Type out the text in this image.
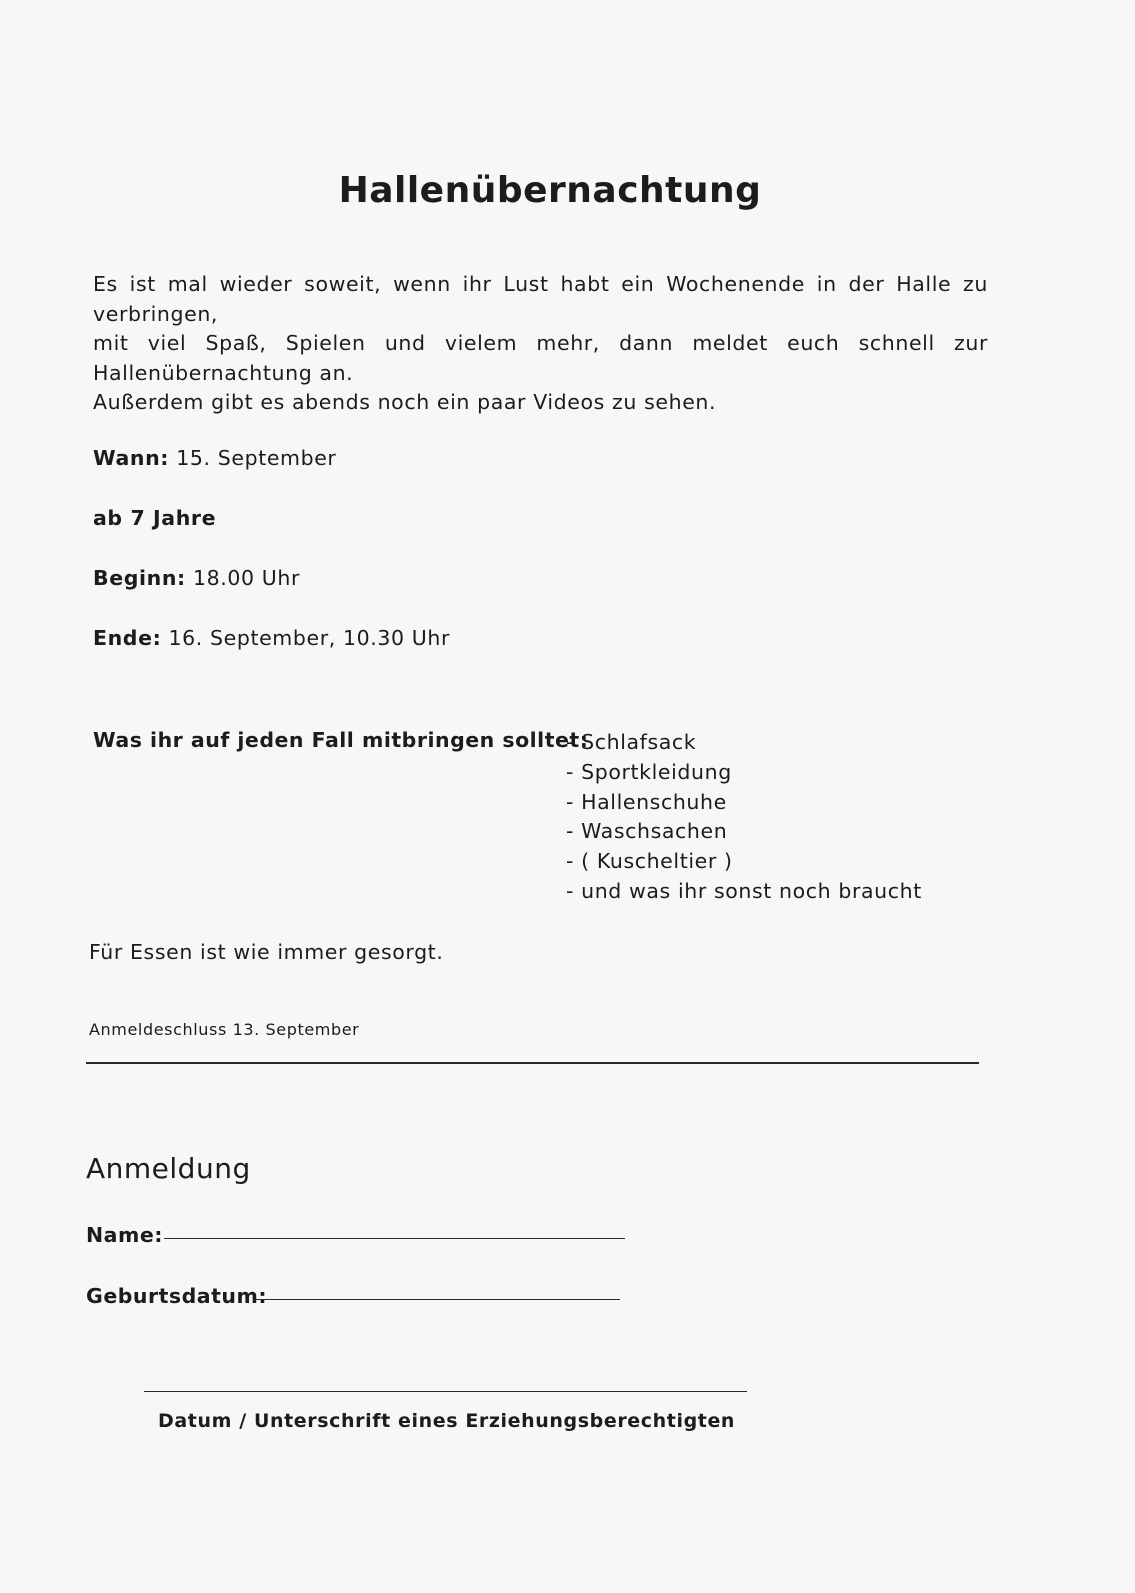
Hallenübernachtung

Es ist mal wieder soweit, wenn ihr Lust habt ein Wochenende in der Halle zu verbringen,

mit viel Spaß, Spielen und vielem mehr, dann meldet euch schnell zur Hallenübernachtung an.

Außerdem gibt es abends noch ein paar Videos zu sehen.

Wann: 15. September
ab 7 Jahre
Beginn: 18.00 Uhr
Ende: 16. September, 10.30 Uhr
Was ihr auf jeden Fall mitbringen solltet:
- Schlafsack
- Sportkleidung
- Hallenschuhe
- Waschsachen
- ( Kuscheltier )
- und was ihr sonst noch braucht
Für Essen ist wie immer gesorgt.
Anmeldeschluss 13. September
Anmeldung
Name:
Geburtsdatum:
Datum / Unterschrift eines Erziehungsberechtigten
